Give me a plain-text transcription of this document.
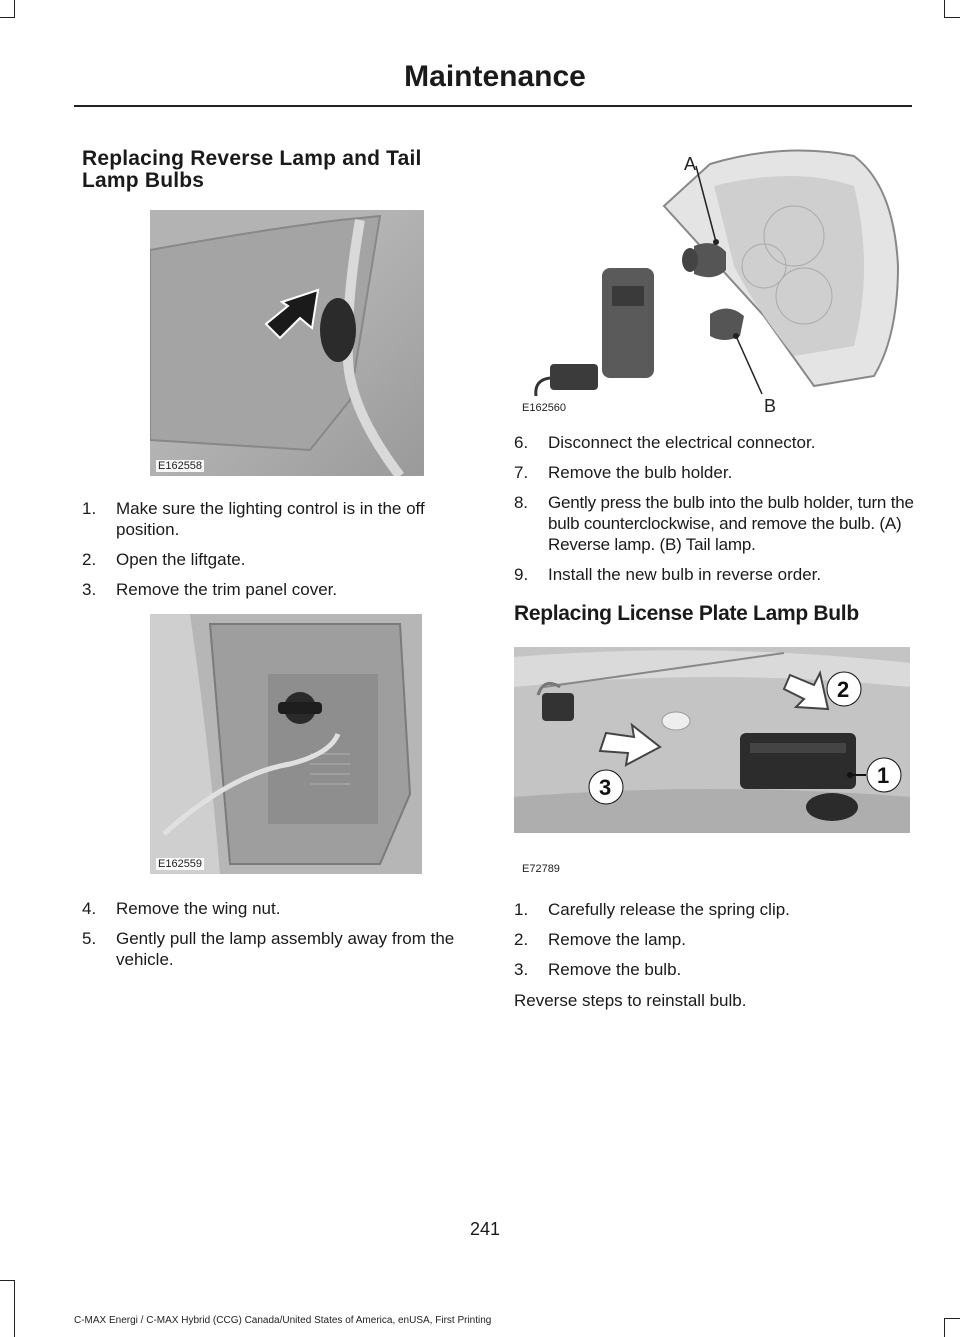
Maintenance
Replacing Reverse Lamp and Tail Lamp Bulbs
E162558
1. Make sure the lighting control is in the off position.
2. Open the liftgate.
3. Remove the trim panel cover.
E162559
4. Remove the wing nut.
5. Gently pull the lamp assembly away from the vehicle.
A
B
E162560
6. Disconnect the electrical connector.
7. Remove the bulb holder.
8. Gently press the bulb into the bulb holder, turn the bulb counterclockwise, and remove the bulb. (A) Reverse lamp. (B) Tail lamp.
9. Install the new bulb in reverse order.
Replacing License Plate Lamp Bulb
1
2
3
E72789
1. Carefully release the spring clip.
2. Remove the lamp.
3. Remove the bulb.

Reverse steps to reinstall bulb.

241
C-MAX Energi / C-MAX Hybrid (CCG) Canada/United States of America, enUSA, First Printing
